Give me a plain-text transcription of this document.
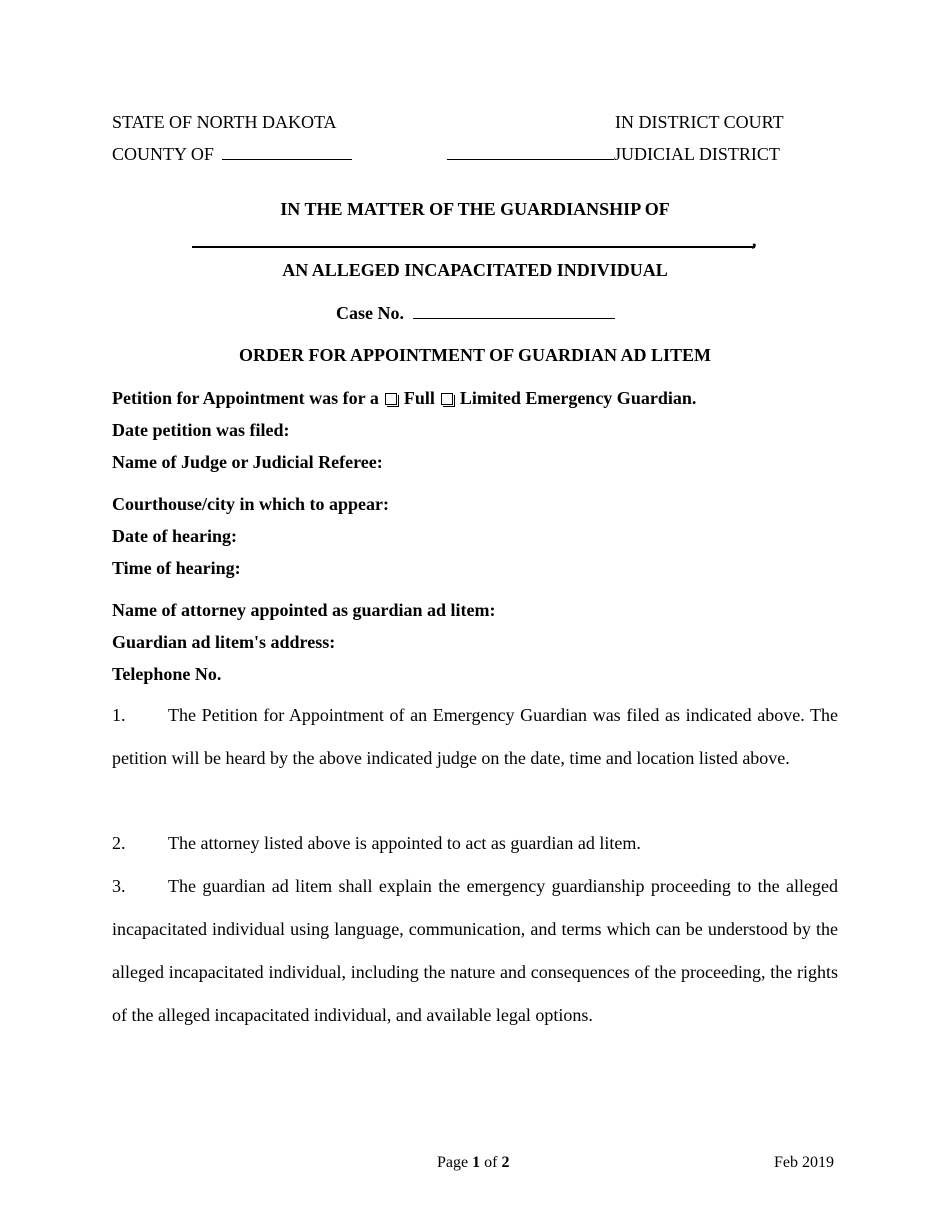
STATE OF NORTH DAKOTA	IN DISTRICT COURT
COUNTY OF	JUDICIAL DISTRICT
IN THE MATTER OF THE GUARDIANSHIP OF
,
AN ALLEGED INCAPACITATED INDIVIDUAL
Case No.
ORDER FOR APPOINTMENT OF GUARDIAN AD LITEM
Petition for Appointment was for a Full Limited Emergency Guardian.
Date petition was filed:
Name of Judge or Judicial Referee:
Courthouse/city in which to appear:
Date of hearing:
Time of hearing:
Name of attorney appointed as guardian ad litem:
Guardian ad litem's address:
Telephone No.
1. The Petition for Appointment of an Emergency Guardian was filed as indicated above. The petition will be heard by the above indicated judge on the date, time and location listed above.
2. The attorney listed above is appointed to act as guardian ad litem.
3. The guardian ad litem shall explain the emergency guardianship proceeding to the alleged incapacitated individual using language, communication, and terms which can be understood by the alleged incapacitated individual, including the nature and consequences of the proceeding, the rights of the alleged incapacitated individual, and available legal options.
Page 1 of 2	Feb 2019
